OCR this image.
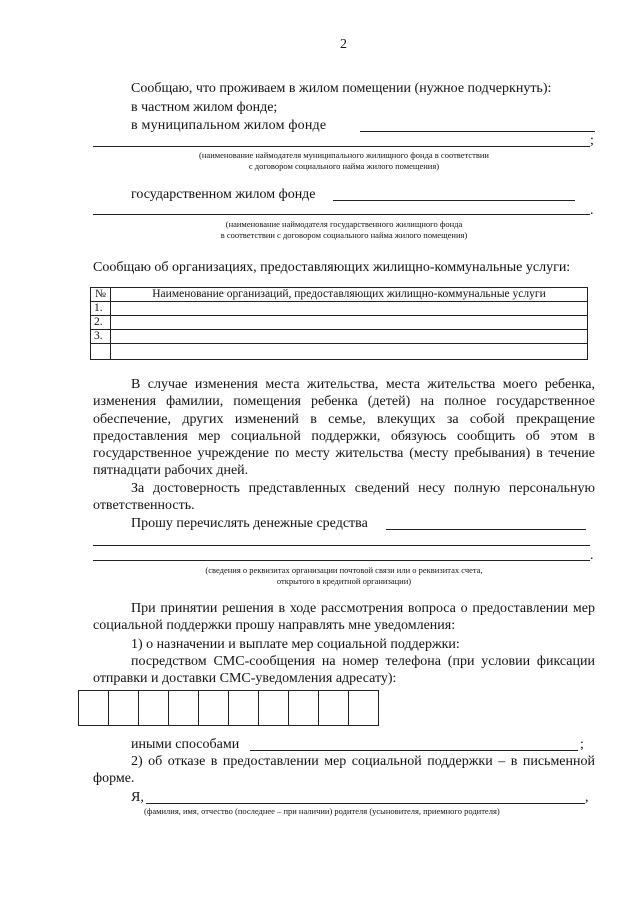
2
Сообщаю, что проживаем в жилом помещении (нужное подчеркнуть):
в частном жилом фонде;
в муниципальном жилом фонде
;
(наименование наймодателя муниципального жилищного фонда в соответствии
с договором социального найма жилого помещения)
государственном жилом фонде
.
(наименование наймодателя государственного жилищного фонда
в соответствии с договором социального найма жилого помещения)
Сообщаю об организациях, предоставляющих жилищно-коммунальные услуги:
№	Наименование организаций, предоставляющих жилищно-коммунальные услуги
1.	
2.	
3.	

В случае изменения места жительства, места жительства моего ребенка, изменения фамилии, помещения ребенка (детей) на полное государственное обеспечение, других изменений в семье, влекущих за собой прекращение предоставления мер социальной поддержки, обязуюсь сообщить об этом в государственное учреждение по месту жительства (месту пребывания) в течение пятнадцати рабочих дней.
За достоверность представленных сведений несу полную персональную ответственность.
Прошу перечислять денежные средства
.
(сведения о реквизитах организации почтовой связи или о реквизитах счета,
открытого в кредитной организации)
При принятии решения в ходе рассмотрения вопроса о предоставлении мер социальной поддержки прошу направлять мне уведомления:
1) о назначении и выплате мер социальной поддержки:
посредством СМС-сообщения на номер телефона (при условии фиксации отправки и доставки СМС-уведомления адресату):
иными способами	;
2) об отказе в предоставлении мер социальной поддержки – в письменной форме.
Я,	,
(фамилия, имя, отчество (последнее – при наличии) родителя (усыновителя, приемного родителя)
